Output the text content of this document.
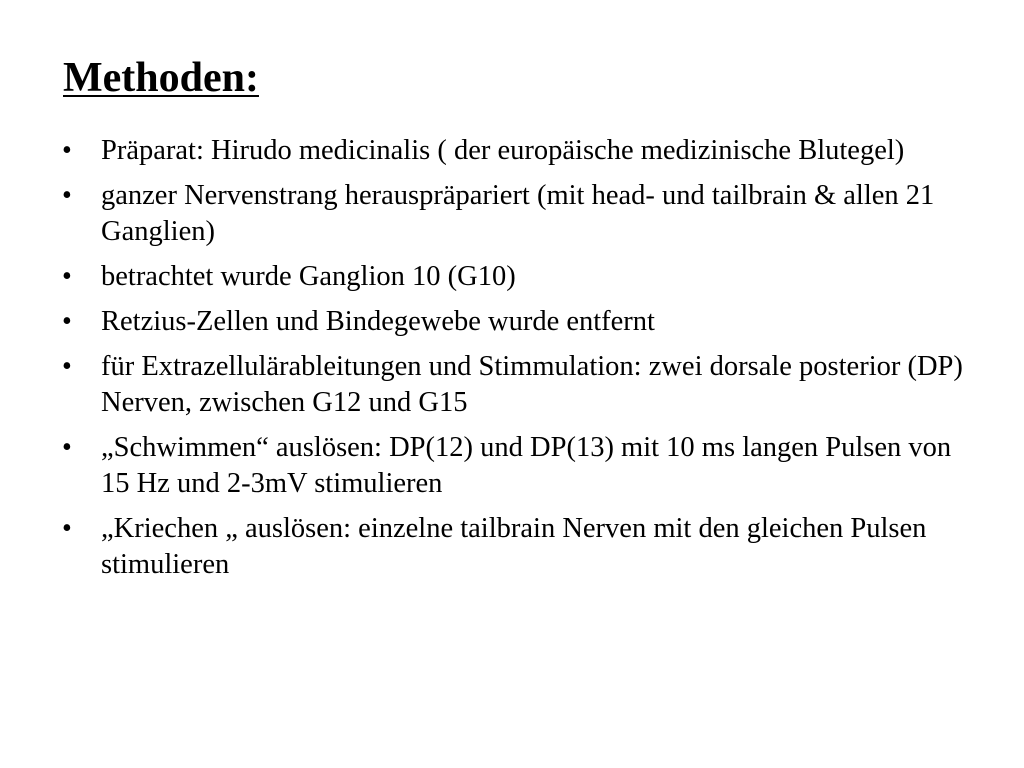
Methoden:
• Präparat: Hirudo medicinalis ( der europäische medizinische Blutegel)
• ganzer Nervenstrang herauspräpariert (mit head- und tailbrain & allen 21 Ganglien)
• betrachtet wurde Ganglion 10 (G10)
• Retzius-Zellen und Bindegewebe wurde entfernt
• für Extrazellulärableitungen und Stimmulation: zwei dorsale posterior (DP) Nerven, zwischen G12 und G15
• „Schwimmen“ auslösen: DP(12) und DP(13) mit 10 ms langen Pulsen von 15 Hz und 2-3mV stimulieren
• „Kriechen „ auslösen: einzelne tailbrain Nerven mit den gleichen Pulsen stimulieren
